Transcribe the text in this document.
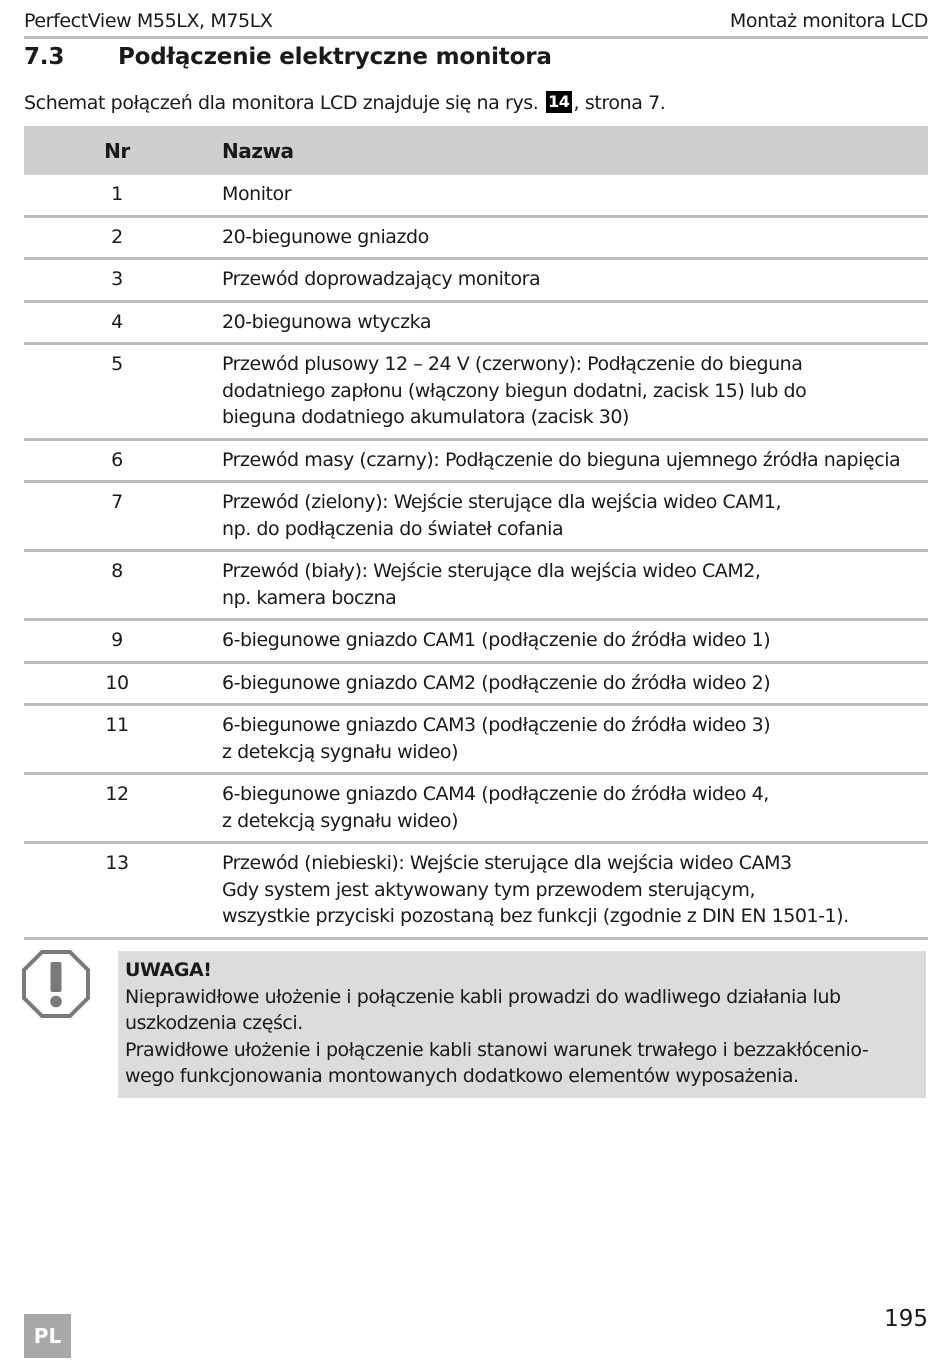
PerfectView M55LX, M75LX	Montaż monitora LCD
7.3 Podłączenie elektryczne monitora
Schemat połączeń dla monitora LCD znajduje się na rys. 14 , strona 7.
Nr	Nazwa
1	Monitor

2	20-biegunowe gniazdo

3	Przewód doprowadzający monitora

4	20-biegunowa wtyczka

5	Przewód plusowy 12 – 24 V (czerwony): Podłączenie do bieguna
dodatniego zapłonu (włączony biegun dodatni, zacisk 15) lub do
bieguna dodatniego akumulatora (zacisk 30)

6	Przewód masy (czarny): Podłączenie do bieguna ujemnego źródła napięcia

7	Przewód (zielony): Wejście sterujące dla wejścia wideo CAM1,
np. do podłączenia do świateł cofania

8	Przewód (biały): Wejście sterujące dla wejścia wideo CAM2,
np. kamera boczna

9	6-biegunowe gniazdo CAM1 (podłączenie do źródła wideo 1)

10	6-biegunowe gniazdo CAM2 (podłączenie do źródła wideo 2)

11	6-biegunowe gniazdo CAM3 (podłączenie do źródła wideo 3)
z detekcją sygnału wideo)

12	6-biegunowe gniazdo CAM4 (podłączenie do źródła wideo 4,
z detekcją sygnału wideo)

13	Przewód (niebieski): Wejście sterujące dla wejścia wideo CAM3
Gdy system jest aktywowany tym przewodem sterującym,
wszystkie przyciski pozostaną bez funkcji (zgodnie z DIN EN 1501-1).
UWAGA!
Nieprawidłowe ułożenie i połączenie kabli prowadzi do wadliwego działania lub
uszkodzenia części.
Prawidłowe ułożenie i połączenie kabli stanowi warunek trwałego i bezzakłócenio-
wego funkcjonowania montowanych dodatkowo elementów wyposażenia.
PL
195
